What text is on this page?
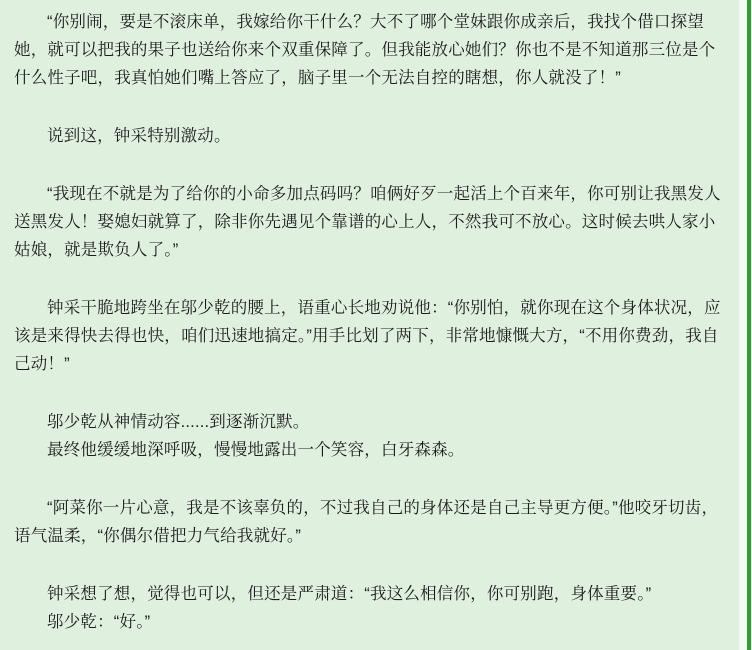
“你别闹，要是不滚床单，我嫁给你干什么？大不了哪个堂妹跟你成亲后，我找个借口探望她，就可以把我的果子也送给你来个双重保障了。但我能放心她们？你也不是不知道那三位是个什么性子吧，我真怕她们嘴上答应了，脑子里一个无法自控的瞎想，你人就没了！”

说到这，钟采特别激动。

“我现在不就是为了给你的小命多加点码吗？咱俩好歹一起活上个百来年，你可别让我黑发人送黑发人！娶媳妇就算了，除非你先遇见个靠谱的心上人，不然我可不放心。这时候去哄人家小姑娘，就是欺负人了。”

钟采干脆地跨坐在邬少乾的腰上，语重心长地劝说他：“你别怕，就你现在这个身体状况，应该是来得快去得也快，咱们迅速地搞定。”用手比划了两下，非常地慷慨大方，“不用你费劲，我自己动！”

邬少乾从神情动容......到逐渐沉默。

最终他缓缓地深呼吸，慢慢地露出一个笑容，白牙森森。

“阿菜你一片心意，我是不该辜负的，不过我自己的身体还是自己主导更方便。”他咬牙切齿，语气温柔，“你偶尔借把力气给我就好。”

钟采想了想，觉得也可以，但还是严肃道：“我这么相信你，你可别跑，身体重要。”

邬少乾：“好。”
